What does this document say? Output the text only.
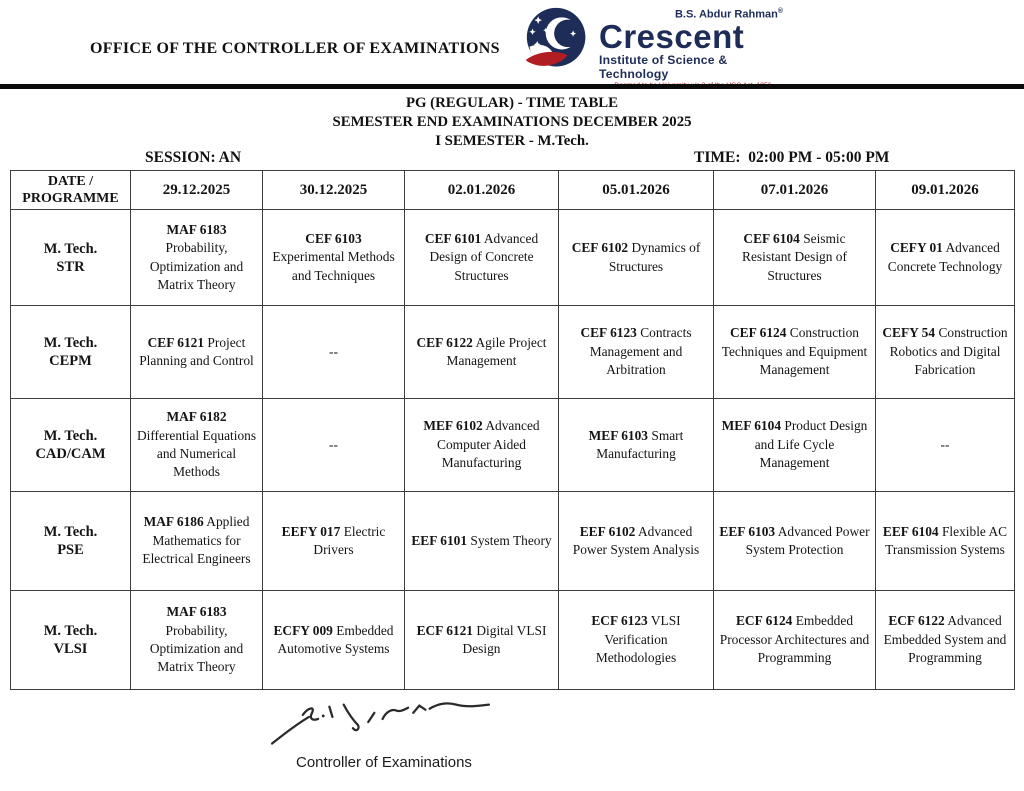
OFFICE OF THE CONTROLLER OF EXAMINATIONS
B.S. Abdur Rahman®
Crescent
Institute of Science & Technology
PG (REGULAR) - TIME TABLE
SEMESTER END EXAMINATIONS DECEMBER 2025
I SEMESTER - M.Tech.
SESSION: AN	TIME:  02:00 PM - 05:00 PM
DATE / PROGRAMME	29.12.2025	30.12.2025	02.01.2026	05.01.2026	07.01.2026	09.01.2026

M. Tech.
STR	MAF 6183 Probability, Optimization and Matrix Theory	CEF 6103 Experimental Methods and Techniques	CEF 6101 Advanced Design of Concrete Structures	CEF 6102 Dynamics of Structures	CEF 6104 Seismic Resistant Design of Structures	CEFY 01 Advanced Concrete Technology

M. Tech.
CEPM	CEF 6121 Project Planning and Control	--	CEF 6122 Agile Project Management	CEF 6123 Contracts Management and Arbitration	CEF 6124 Construction Techniques and Equipment Management	CEFY 54 Construction Robotics and Digital Fabrication

M. Tech.
CAD/CAM	MAF 6182 Differential Equations and Numerical Methods	--	MEF 6102 Advanced Computer Aided Manufacturing	MEF 6103 Smart Manufacturing	MEF 6104 Product Design and Life Cycle Management	--

M. Tech.
PSE	MAF 6186 Applied Mathematics for Electrical Engineers	EEFY 017 Electric Drivers	EEF 6101 System Theory	EEF 6102 Advanced Power System Analysis	EEF 6103 Advanced Power System Protection	EEF 6104 Flexible AC Transmission Systems

M. Tech.
VLSI	MAF 6183 Probability, Optimization and Matrix Theory	ECFY 009 Embedded Automotive Systems	ECF 6121 Digital VLSI Design	ECF 6123 VLSI Verification Methodologies	ECF 6124 Embedded Processor Architectures and Programming	ECF 6122 Advanced Embedded System and Programming
Controller of Examinations
